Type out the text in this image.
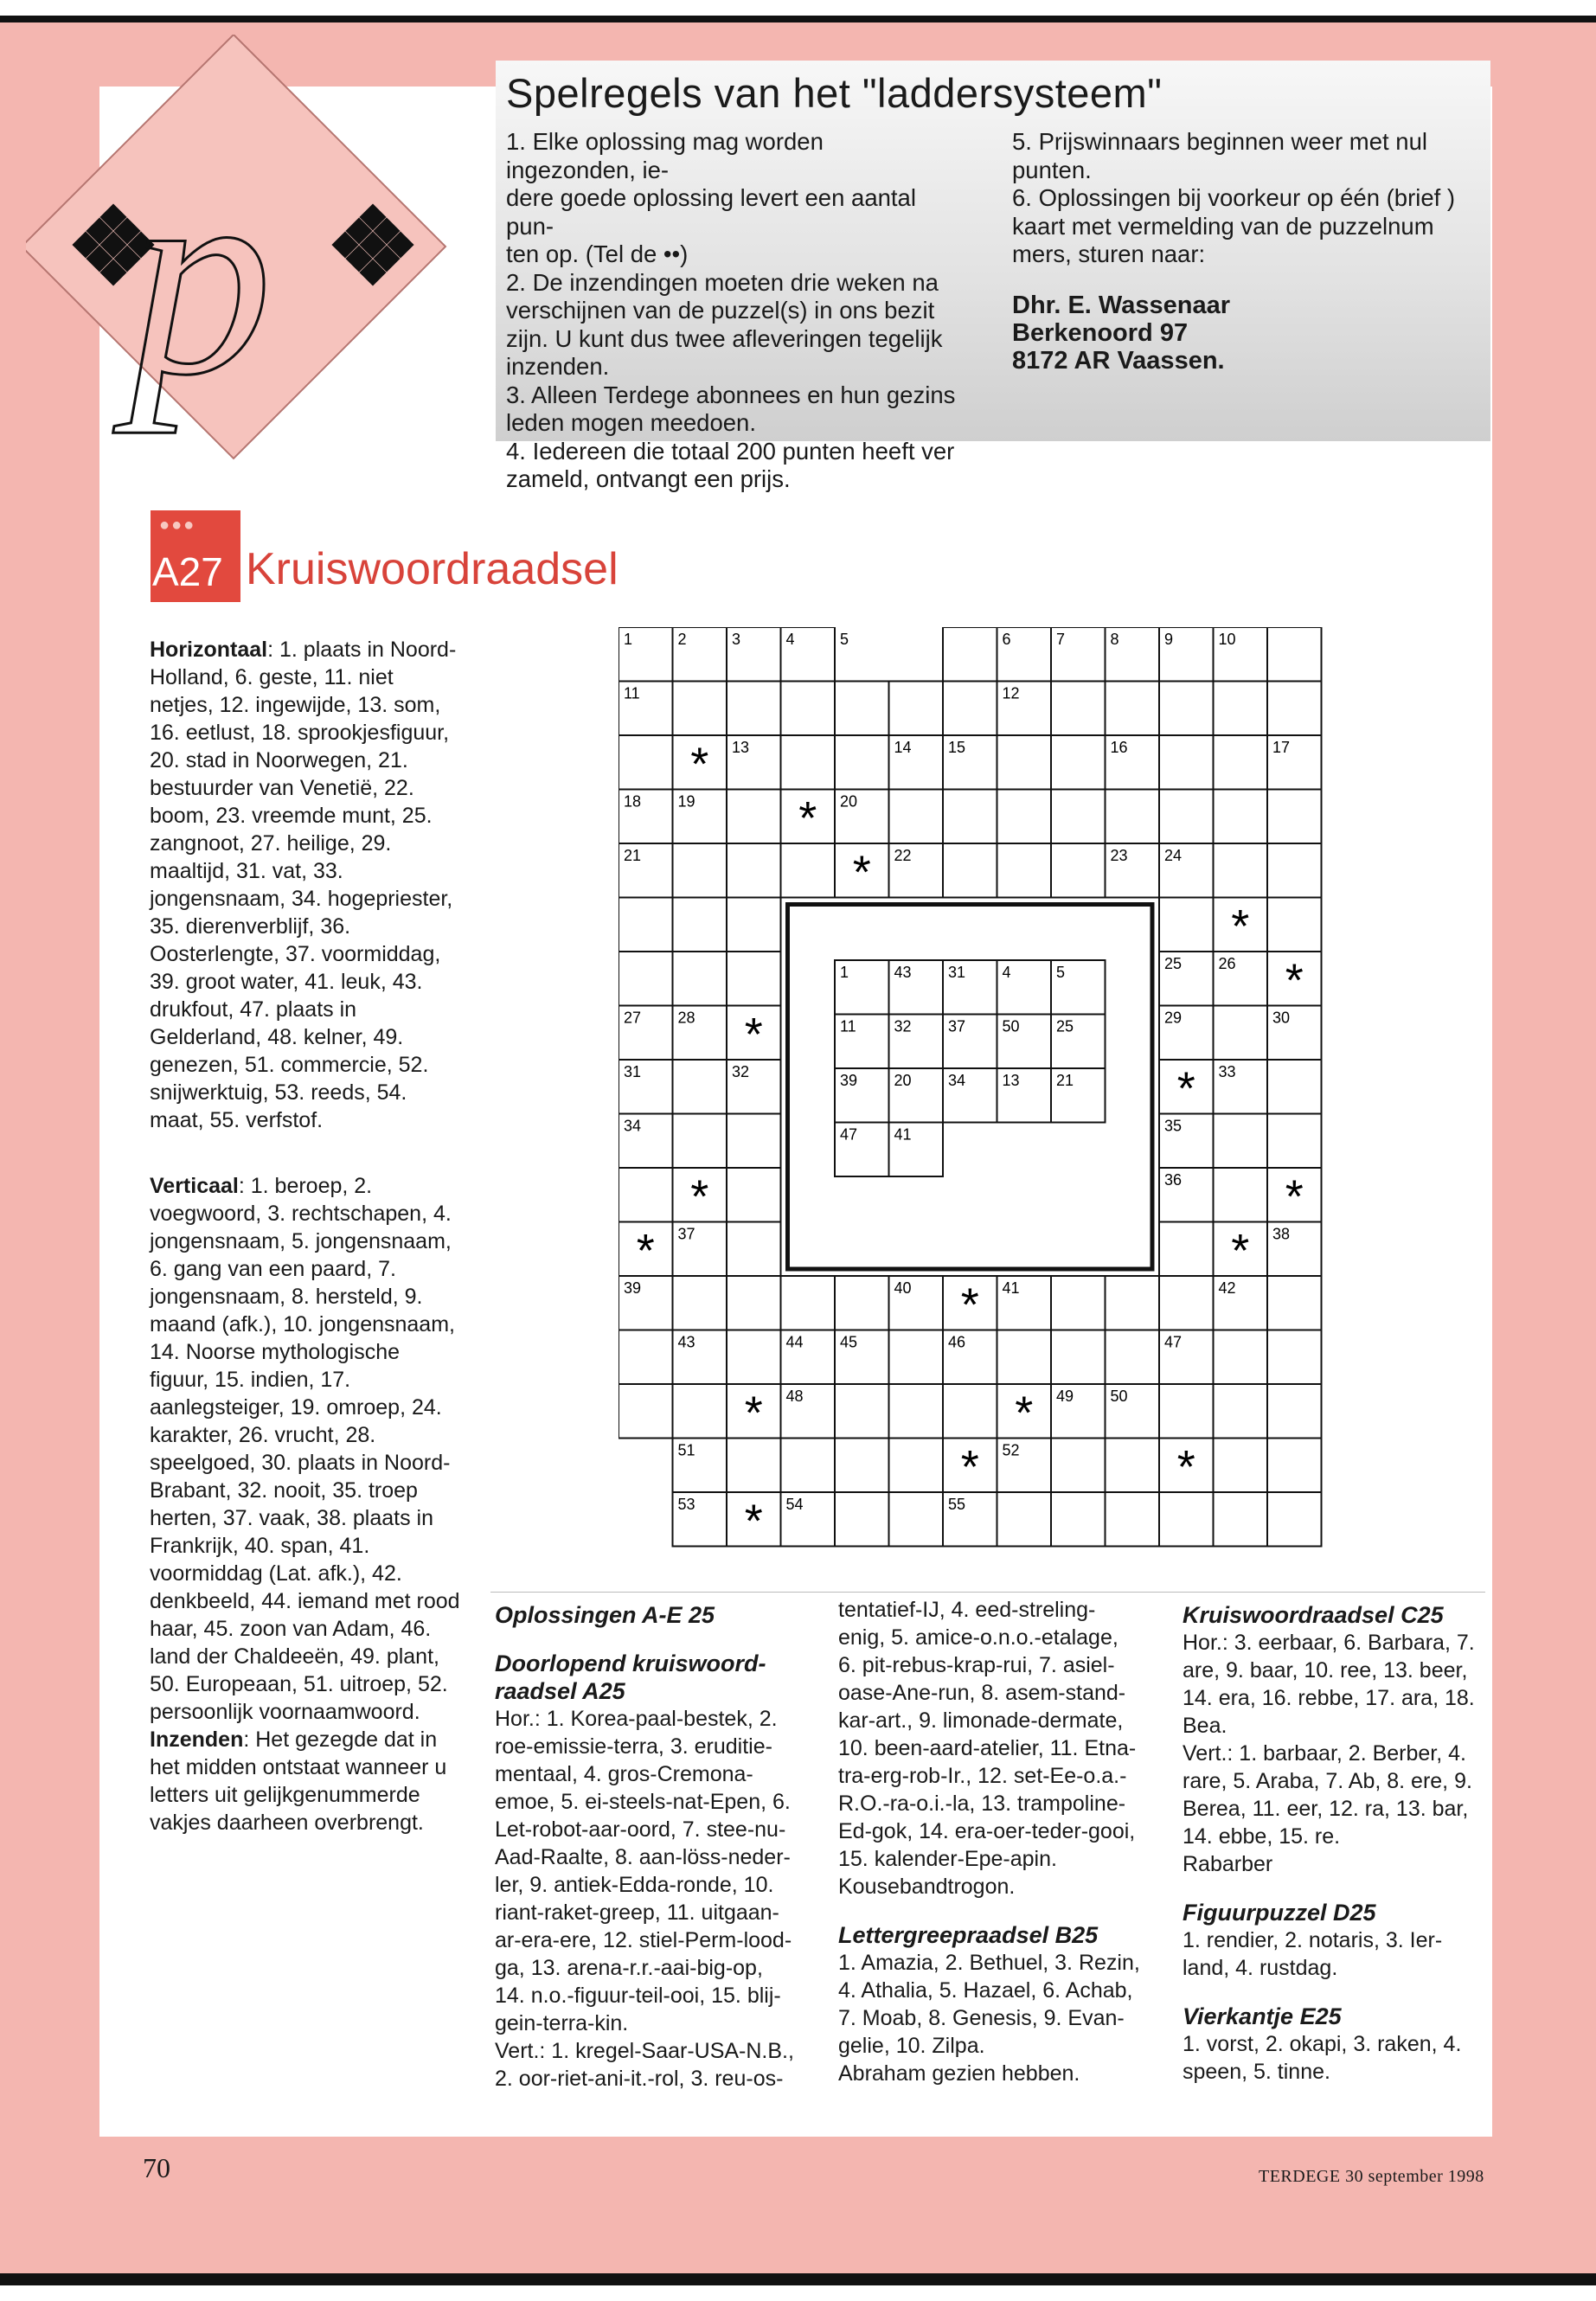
p
Spelregels van het "laddersysteem"

1. Elke oplossing mag worden ingezonden, ie-

dere goede oplossing levert een aantal pun-

ten op. (Tel de ••)

2. De inzendingen moeten drie weken na

verschijnen van de puzzel(s) in ons bezit

zijn. U kunt dus twee afleveringen tegelijk

inzenden.

3. Alleen Terdege abonnees en hun gezins

leden mogen meedoen.

4. Iedereen die totaal 200 punten heeft ver

zameld, ontvangt een prijs.

5. Prijswinnaars beginnen weer met nul

punten.

6. Oplossingen bij voorkeur op één (brief )

kaart met vermelding van de puzzelnum

mers, sturen naar:

Dhr. E. Wassenaar

Berkenoord 97

8172 AR Vaassen.

●●●
A27 Kruiswoordraadsel

Horizontaal: 1. plaats in Noord-Holland, 6. geste, 11. niet netjes, 12. ingewijde, 13. som, 16. eetlust, 18. sprookjesfiguur, 20. stad in Noorwegen, 21. bestuurder van Venetië, 22. boom, 23. vreemde munt, 25. zangnoot, 27. heilige, 29. maaltijd, 31. vat, 33. jongensnaam, 34. hogepriester, 35. dierenverblijf, 36. Oosterlengte, 37. voormiddag, 39. groot water, 41. leuk, 43. drukfout, 47. plaats in Gelderland, 48. kelner, 49. genezen, 51. commercie, 52. snijwerktuig, 53. reeds, 54. maat, 55. verfstof.

Verticaal: 1. beroep, 2. voegwoord, 3. rechtschapen, 4. jongensnaam, 5. jongensnaam, 6. gang van een paard, 7. jongensnaam, 8. hersteld, 9. maand (afk.), 10. jongensnaam, 14. Noorse mythologische figuur, 15. indien, 17. aanlegsteiger, 19. omroep, 24. karakter, 26. vrucht, 28. speelgoed, 30. plaats in Noord-Brabant, 32. nooit, 35. troep herten, 37. vaak, 38. plaats in Frankrijk, 40. span, 41. voormiddag (Lat. afk.), 42. denkbeeld, 44. iemand met rood haar, 45. zoon van Adam, 46. land der Chaldeeën, 49. plant, 50. Europeaan, 51. uitroep, 52. persoonlijk voornaamwoord.

Inzenden: Het gezegde dat in het midden ontstaat wanneer u letters uit gelijkgenummerde vakjes daarheen overbrengt.

*
*
*
*
*
*
*
*	*
*	*
*
*	*
*	*
*
1	2	3	4	5	6	7	8	9	10
11	12
13	14 15	16	17
18 19	20
21	22	23 24
25 26
27 28	29	30
31	32	33
34	35
36
37	38
39	40	41	42
43	44 45	46	47
48	49 50
51	52
53	54	55
1	43 31 4	5
11 32 37 50 25
39 20 34 13 21
47 41
Oplossingen A-E 25
Doorlopend kruiswoord-raadsel A25
Hor.: 1. Korea-paal-bestek, 2.
roe-emissie-terra, 3. eruditie-
mentaal, 4. gros-Cremona-
emoe, 5. ei-steels-nat-Epen, 6.
Let-robot-aar-oord, 7. stee-nu-
Aad-Raalte, 8. aan-löss-neder-
ler, 9. antiek-Edda-ronde, 10.
riant-raket-greep, 11. uitgaan-
ar-era-ere, 12. stiel-Perm-lood-
ga, 13. arena-r.r.-aai-big-op,
14. n.o.-figuur-teil-ooi, 15. blij-
gein-terra-kin.
Vert.: 1. kregel-Saar-USA-N.B.,
2. oor-riet-ani-it.-rol, 3. reu-os-
tentatief-IJ, 4. eed-streling-
enig, 5. amice-o.n.o.-etalage,
6. pit-rebus-krap-rui, 7. asiel-
oase-Ane-run, 8. asem-stand-
kar-art., 9. limonade-dermate,
10. been-aard-atelier, 11. Etna-
tra-erg-rob-Ir., 12. set-Ee-o.a.-
R.O.-ra-o.i.-la, 13. trampoline-
Ed-gok, 14. era-oer-teder-gooi,
15. kalender-Epe-apin.
Kousebandtrogon.
Lettergreepraadsel B25
1. Amazia, 2. Bethuel, 3. Rezin,
4. Athalia, 5. Hazael, 6. Achab,
7. Moab, 8. Genesis, 9. Evan-
gelie, 10. Zilpa.
Abraham gezien hebben.
Kruiswoordraadsel C25
Hor.: 3. eerbaar, 6. Barbara, 7.
are, 9. baar, 10. ree, 13. beer,
14. era, 16. rebbe, 17. ara, 18.
Bea.
Vert.: 1. barbaar, 2. Berber, 4.
rare, 5. Araba, 7. Ab, 8. ere, 9.
Berea, 11. eer, 12. ra, 13. bar,
14. ebbe, 15. re.
Rabarber
Figuurpuzzel D25
1. rendier, 2. notaris, 3. Ier-
land, 4. rustdag.
Vierkantje E25
1. vorst, 2. okapi, 3. raken, 4.
speen, 5. tinne.
70	TERDEGE 30 september 1998
